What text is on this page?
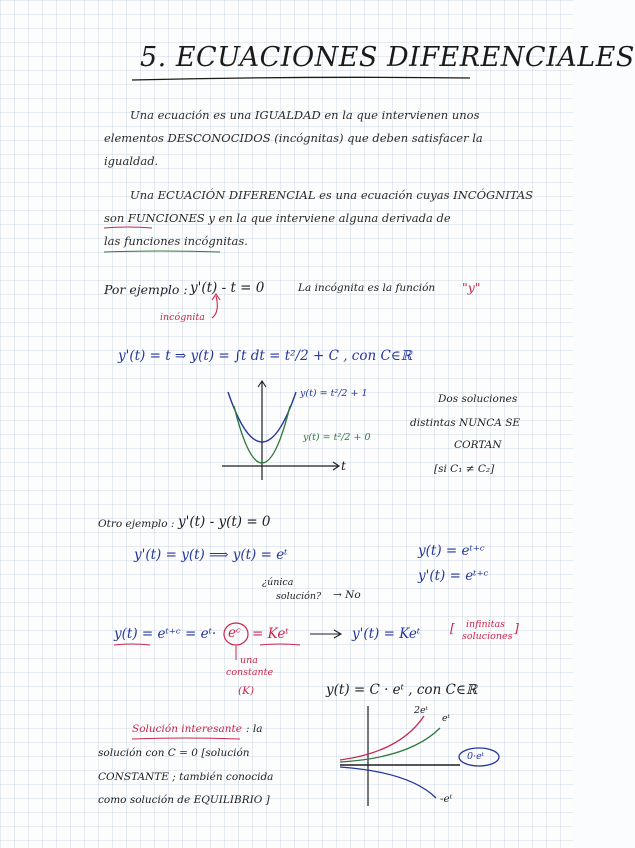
5. ECUACIONES DIFERENCIALES
Una ecuación es una IGUALDAD en la que intervienen unos
elementos DESCONOCIDOS (incógnitas) que deben satisfacer la
igualdad.
Una ECUACIÓN DIFERENCIAL es una ecuación cuyas INCÓGNITAS
son FUNCIONES y en la que interviene alguna derivada de
las funciones incógnitas.
Por ejemplo : y'(t) - t = 0	La incógnita es la función "y"
incógnita
y'(t) = t ⇒ y(t) = ∫t dt = t²/2 + C , con C∈ℝ
y(t) = t²/2 + 1
y(t) = t²/2 + 0
t
Dos soluciones
distintas NUNCA SE
CORTAN
[si C₁ ≠ C₂]
Otro ejemplo : y'(t) - y(t) = 0
y'(t) = y(t) ⟹ y(t) = eᵗ	y(t) = eᵗ⁺ᶜ
y'(t) = eᵗ⁺ᶜ
¿única
solución? → No
y(t) = eᵗ⁺ᶜ = eᵗ· eᶜ = Keᵗ	y'(t) = Keᵗ [ infinitas
soluciones
]
una
constante
(K)	y(t) = C · eᵗ , con C∈ℝ
Solución interesante : la
solución con C = 0 [solución
CONSTANTE ; también conocida
como solución de EQUILIBRIO ]
2eᵗ
eᵗ
0·eᵗ
-eᵗ
